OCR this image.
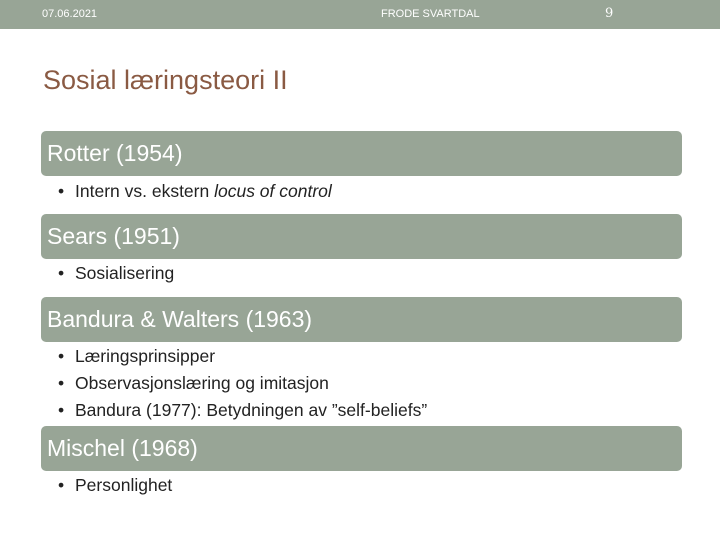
07.06.2021	FRODE SVARTDAL	9
Sosial læringsteori II
Rotter (1954)
• Intern vs. ekstern locus of control
Sears (1951)
• Sosialisering
Bandura & Walters (1963)
• Læringsprinsipper
• Observasjonslæring og imitasjon
• Bandura (1977): Betydningen av ”self-beliefs”
Mischel (1968)
• Personlighet
